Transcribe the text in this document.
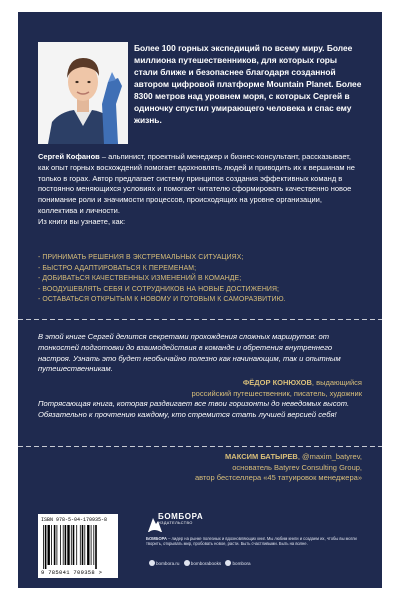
Более 100 горных экспедиций по всему миру. Более миллиона путешественников, для которых горы стали ближе и безопаснее благодаря созданной автором цифровой платформе Mountain Planet. Более 8300 метров над уровнем моря, с которых Сергей в одиночку спустил умирающего человека и спас ему жизнь.

Сергей Кофанов – альпинист, проектный менеджер и бизнес-консультант, рассказывает, как опыт горных восхождений помогает вдохновлять людей и приводить их к вершинам не только в горах. Автор предлагает систему принципов создания эффективных команд в постоянно меняющихся условиях и помогает читателю сформировать качественно новое понимание роли и значимости процессов, происходящих на уровне организации, коллектива и личности.
Из книги вы узнаете, как:

- ПРИНИМАТЬ РЕШЕНИЯ В ЭКСТРЕМАЛЬНЫХ СИТУАЦИЯХ;
- БЫСТРО АДАПТИРОВАТЬСЯ К ПЕРЕМЕНАМ;
- ДОБИВАТЬСЯ КАЧЕСТВЕННЫХ ИЗМЕНЕНИЙ В КОМАНДЕ;
- ВООДУШЕВЛЯТЬ СЕБЯ И СОТРУДНИКОВ НА НОВЫЕ ДОСТИЖЕНИЯ;
- ОСТАВАТЬСЯ ОТКРЫТЫМ К НОВОМУ И ГОТОВЫМ К САМОРАЗВИТИЮ.

В этой книге Сергей делится секретами прохождения сложных маршрутов: от тонкостей подготовки до взаимодействия в команде и обретения внутреннего настроя. Узнать это будет необычайно полезно как начинающим, так и опытным путешественникам.

ФЁДОР КОНЮХОВ, выдающийся
российский путешественник, писатель, художник

Потрясающая книга, которая раздвигает все твои горизонты до неведомых высот. Обязательно к прочтению каждому, кто стремится стать лучшей версией себя!

МАКСИМ БАТЫРЕВ, @maxim_batyrev,
основатель Batyrev Consulting Group,
автор бестселлера «45 татуировок менеджера»
ISBN 978-5-04-170935-8
9 785041 709358 >
БОМБОРА
ИЗДАТЕЛЬСТВО
БОМБОРА – лидер на рынке полезных и вдохновляющих книг. Мы любим книги и создаем их, чтобы вы могли творить, открывать мир, пробовать новое, расти. Быть счастливыми. Быть на волне.
bombora.ru bomborabooks bombora
